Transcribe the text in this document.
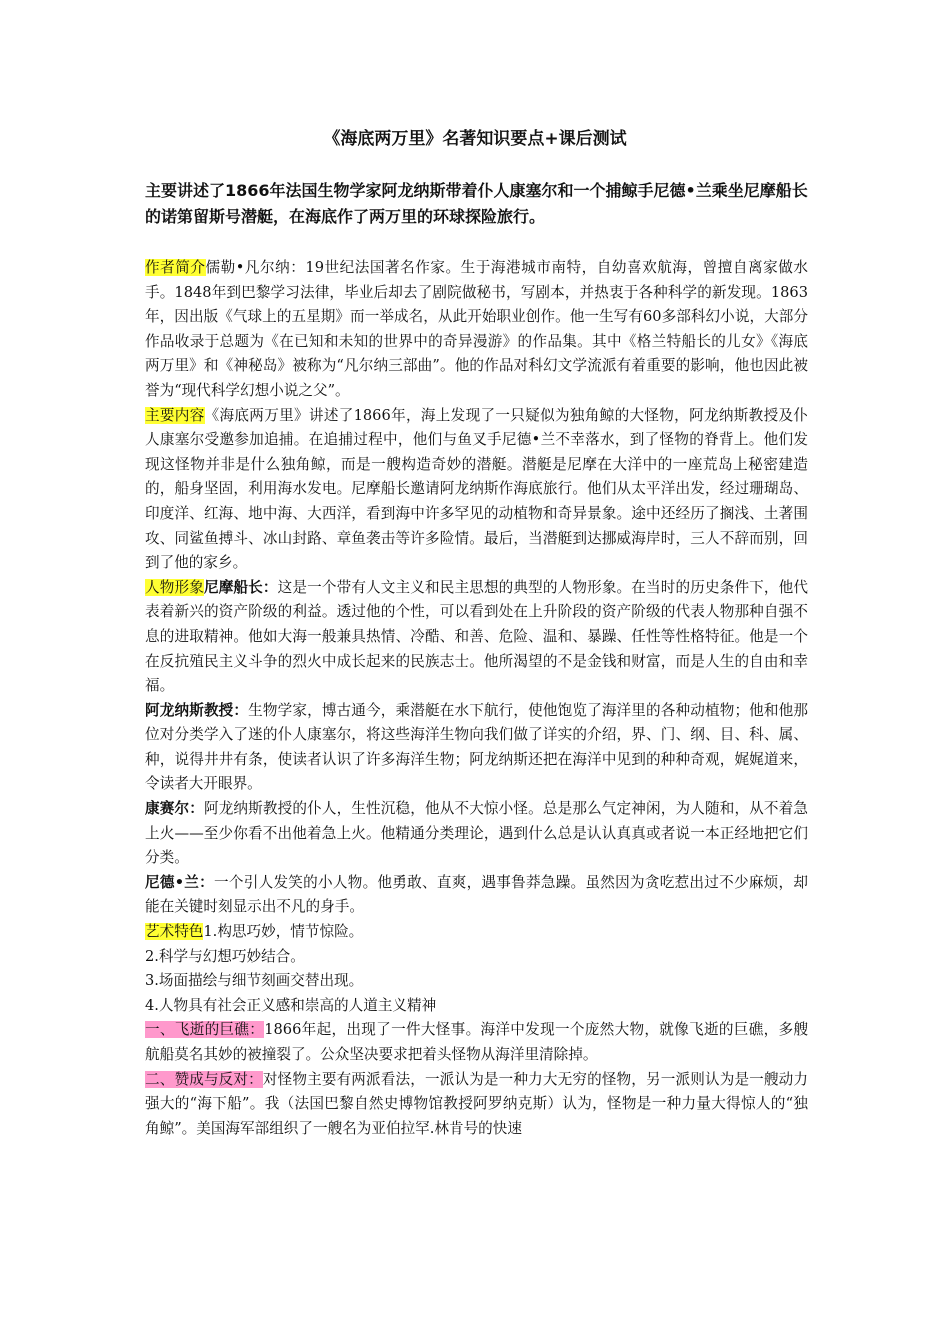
《海底两万里》名著知识要点+课后测试
主要讲述了1866年法国生物学家阿龙纳斯带着仆人康塞尔和一个捕鲸手尼德•兰乘坐尼摩船长的诺第留斯号潜艇，在海底作了两万里的环球探险旅行。

作者简介儒勒•凡尔纳：19世纪法国著名作家。生于海港城市南特，自幼喜欢航海，曾擅自离家做水手。1848年到巴黎学习法律，毕业后却去了剧院做秘书，写剧本，并热衷于各种科学的新发现。1863年，因出版《气球上的五星期》而一举成名，从此开始职业创作。他一生写有60多部科幻小说，大部分作品收录于总题为《在已知和未知的世界中的奇异漫游》的作品集。其中《格兰特船长的儿女》《海底两万里》和《神秘岛》被称为“凡尔纳三部曲”。他的作品对科幻文学流派有着重要的影响，他也因此被誉为“现代科学幻想小说之父”。

主要内容《海底两万里》讲述了1866年，海上发现了一只疑似为独角鲸的大怪物，阿龙纳斯教授及仆人康塞尔受邀参加追捕。在追捕过程中，他们与鱼叉手尼德•兰不幸落水，到了怪物的脊背上。他们发现这怪物并非是什么独角鲸，而是一艘构造奇妙的潜艇。潜艇是尼摩在大洋中的一座荒岛上秘密建造的，船身坚固，利用海水发电。尼摩船长邀请阿龙纳斯作海底旅行。他们从太平洋出发，经过珊瑚岛、印度洋、红海、地中海、大西洋，看到海中许多罕见的动植物和奇异景象。途中还经历了搁浅、土著围攻、同鲨鱼搏斗、冰山封路、章鱼袭击等许多险情。最后，当潜艇到达挪威海岸时，三人不辞而别，回到了他的家乡。

人物形象尼摩船长：这是一个带有人文主义和民主思想的典型的人物形象。在当时的历史条件下，他代表着新兴的资产阶级的利益。透过他的个性，可以看到处在上升阶段的资产阶级的代表人物那种自强不息的进取精神。他如大海一般兼具热情、冷酷、和善、危险、温和、暴躁、任性等性格特征。他是一个在反抗殖民主义斗争的烈火中成长起来的民族志士。他所渴望的不是金钱和财富，而是人生的自由和幸福。

阿龙纳斯教授：生物学家，博古通今，乘潜艇在水下航行，使他饱览了海洋里的各种动植物；他和他那位对分类学入了迷的仆人康塞尔，将这些海洋生物向我们做了详实的介绍，界、门、纲、目、科、属、种，说得井井有条，使读者认识了许多海洋生物；阿龙纳斯还把在海洋中见到的种种奇观，娓娓道来，令读者大开眼界。

康赛尔：阿龙纳斯教授的仆人，生性沉稳，他从不大惊小怪。总是那么气定神闲，为人随和，从不着急上火——至少你看不出他着急上火。他精通分类理论，遇到什么总是认认真真或者说一本正经地把它们分类。

尼德•兰：一个引人发笑的小人物。他勇敢、直爽，遇事鲁莽急躁。虽然因为贪吃惹出过不少麻烦，却能在关键时刻显示出不凡的身手。

艺术特色1.构思巧妙，情节惊险。

2.科学与幻想巧妙结合。

3.场面描绘与细节刻画交替出现。

4.人物具有社会正义感和崇高的人道主义精神

一、飞逝的巨礁：1866年起，出现了一件大怪事。海洋中发现一个庞然大物，就像飞逝的巨礁，多艘航船莫名其妙的被撞裂了。公众坚决要求把着头怪物从海洋里清除掉。

二、赞成与反对：对怪物主要有两派看法，一派认为是一种力大无穷的怪物，另一派则认为是一艘动力强大的“海下船”。我（法国巴黎自然史博物馆教授阿罗纳克斯）认为，怪物是一种力量大得惊人的“独角鲸”。美国海军部组织了一艘名为亚伯拉罕.林肯号的快速
